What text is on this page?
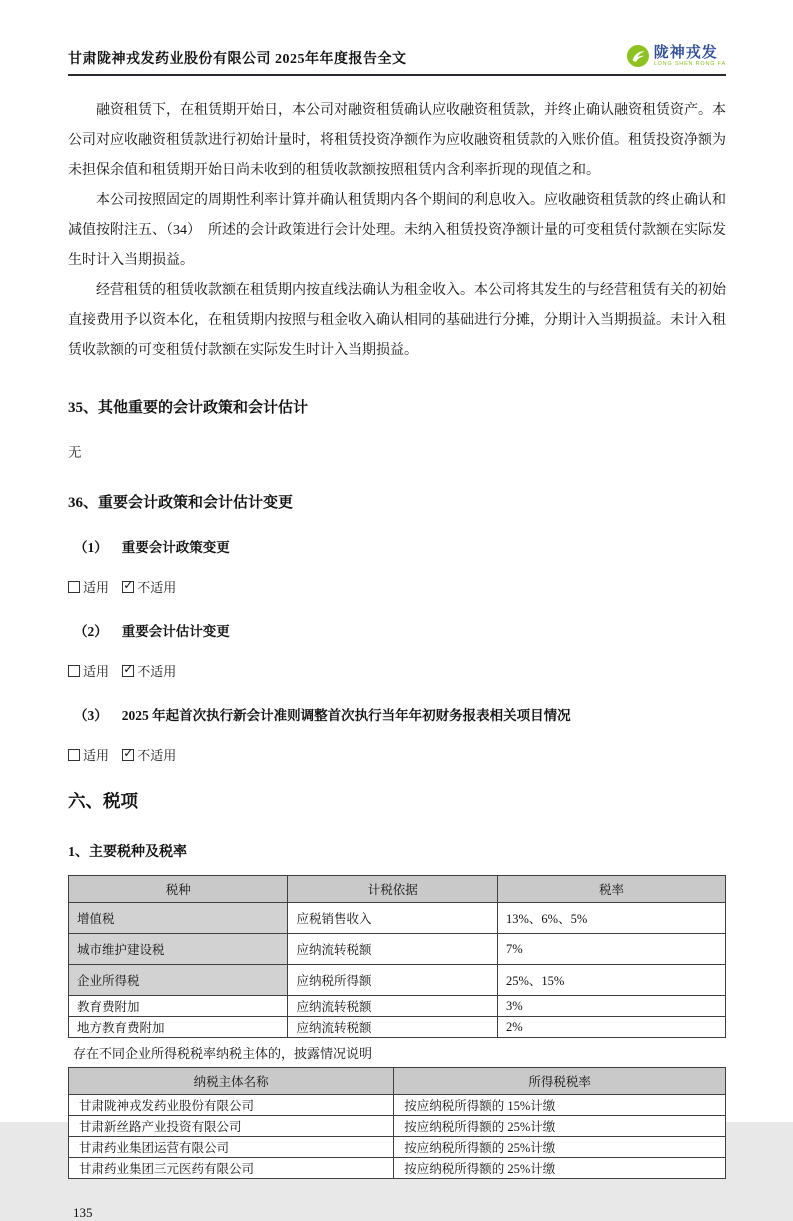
甘肃陇神戎发药业股份有限公司 2025年年度报告全文	陇神戎发
LONG SHEN RONG FA

融资租赁下，在租赁期开始日，本公司对融资租赁确认应收融资租赁款，并终止确认融资租赁资产。本公司对应收融资租赁款进行初始计量时，将租赁投资净额作为应收融资租赁款的入账价值。租赁投资净额为未担保余值和租赁期开始日尚未收到的租赁收款额按照租赁内含利率折现的现值之和。

本公司按照固定的周期性利率计算并确认租赁期内各个期间的利息收入。应收融资租赁款的终止确认和减值按附注五、（34）　所述的会计政策进行会计处理。未纳入租赁投资净额计量的可变租赁付款额在实际发生时计入当期损益。

经营租赁的租赁收款额在租赁期内按直线法确认为租金收入。本公司将其发生的与经营租赁有关的初始直接费用予以资本化，在租赁期内按照与租金收入确认相同的基础进行分摊，分期计入当期损益。未计入租赁收款额的可变租赁付款额在实际发生时计入当期损益。

35、其他重要的会计政策和会计估计

无

36、重要会计政策和会计估计变更
（1） 重要会计政策变更
适用 ✓ 不适用
（2） 重要会计估计变更
适用 ✓ 不适用
（3） 2025 年起首次执行新会计准则调整首次执行当年年初财务报表相关项目情况
适用 ✓ 不适用
六、税项
1、主要税种及税率
税种	计税依据	税率
增值税	应税销售收入	13%、6%、5%
城市维护建设税	应纳流转税额	7%
企业所得税	应纳税所得额	25%、15%
教育费附加	应纳流转税额	3%
地方教育费附加	应纳流转税额	2%

存在不同企业所得税税率纳税主体的，披露情况说明

纳税主体名称	所得税税率
甘肃陇神戎发药业股份有限公司	按应纳税所得额的 15%计缴
甘肃新丝路产业投资有限公司	按应纳税所得额的 25%计缴
甘肃药业集团运营有限公司	按应纳税所得额的 25%计缴
甘肃药业集团三元医药有限公司	按应纳税所得额的 25%计缴
135
